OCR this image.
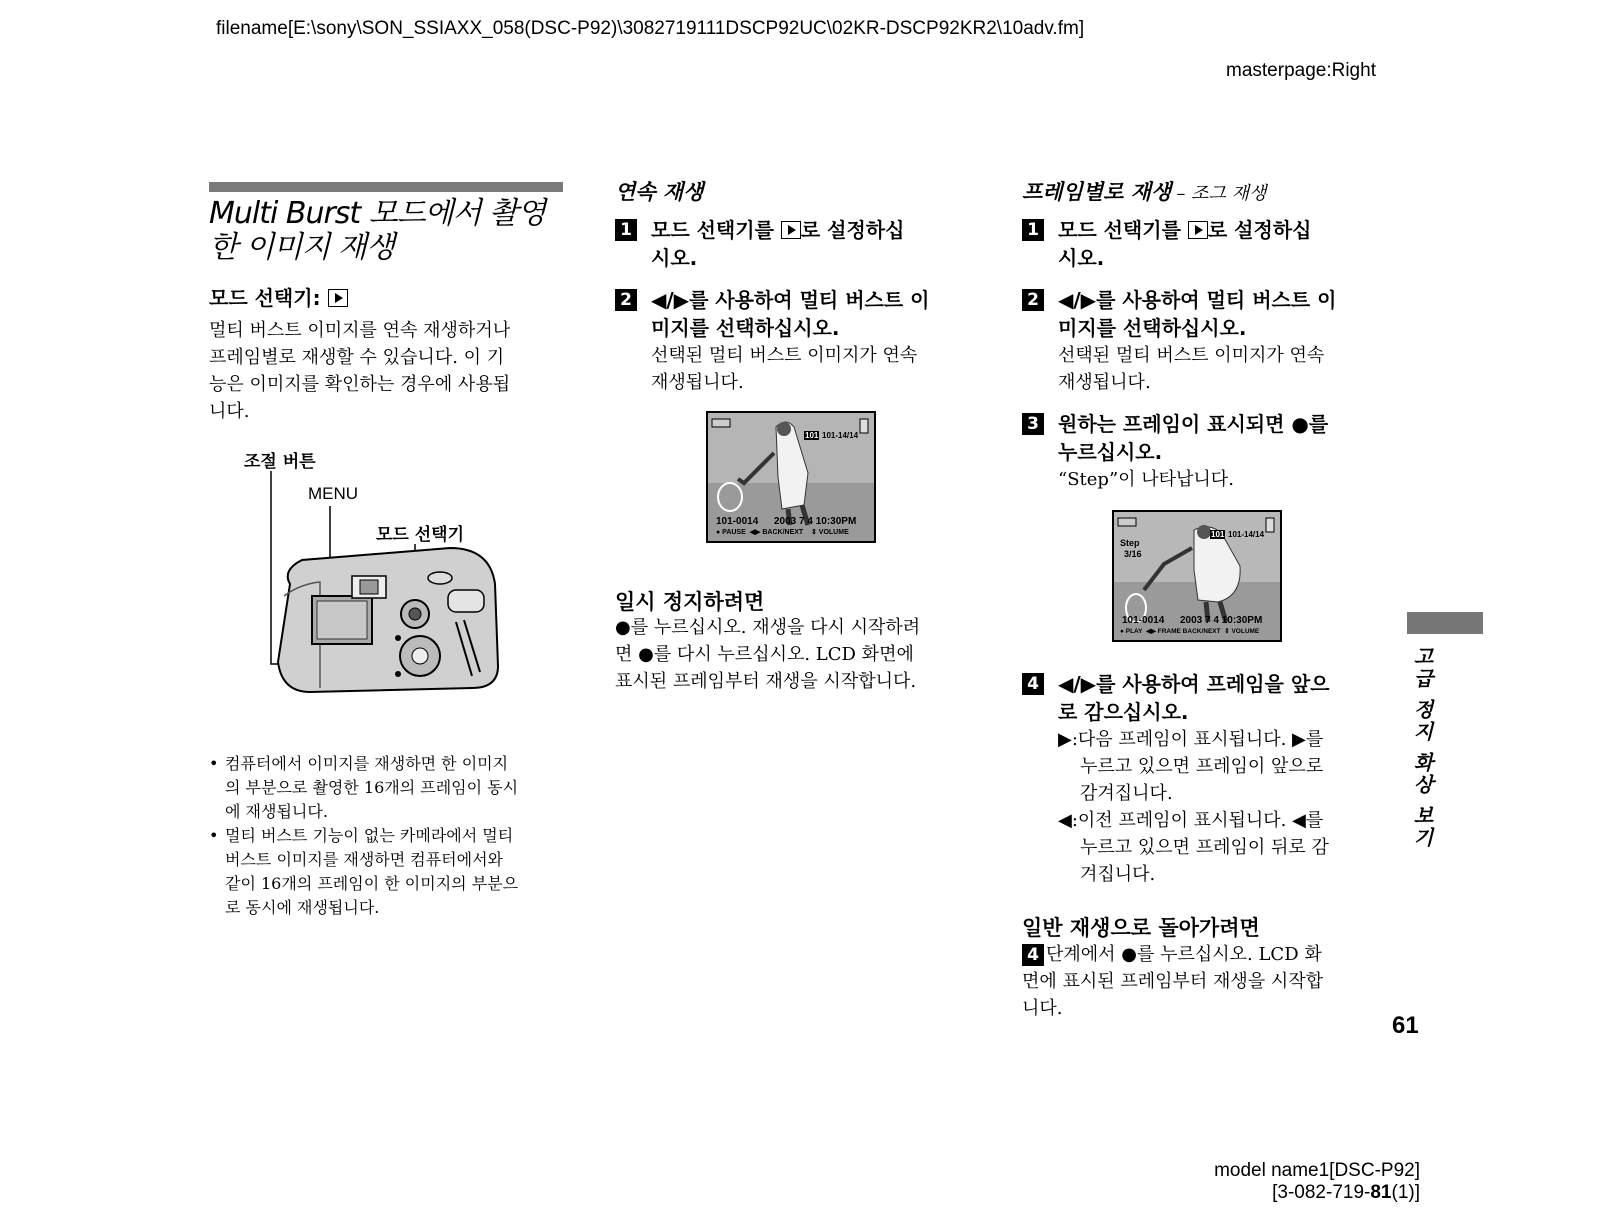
filename[E:\sony\SON_SSIAXX_058(DSC-P92)\3082719111DSCP92UC\02KR-DSCP92KR2\10adv.fm]
masterpage:Right
Multi Burst 모드에서 촬영
한 이미지 재생
모드 선택기:
멀티 버스트 이미지를 연속 재생하거나
프레임별로 재생할 수 있습니다. 이 기
능은 이미지를 확인하는 경우에 사용됩
니다.
조절 버튼
MENU
모드 선택기
• 컴퓨터에서 이미지를 재생하면 한 이미지
의 부분으로 촬영한 16개의 프레임이 동시
에 재생됩니다.
• 멀티 버스트 기능이 없는 카메라에서 멀티
버스트 이미지를 재생하면 컴퓨터에서와
같이 16개의 프레임이 한 이미지의 부분으
로 동시에 재생됩니다.
연속 재생
1 모드 선택기를 로 설정하십
시오.
2 ◀/▶를 사용하여 멀티 버스트 이
미지를 선택하십시오.
선택된 멀티 버스트 이미지가 연속
재생됩니다.
101 101-14/14
101-0014 2003 7 4 10:30PM
● PAUSE  ◀▶ BACK/NEXT    ⇕ VOLUME
일시 정지하려면
●를 누르십시오. 재생을 다시 시작하려
면 ●를 다시 누르십시오. LCD 화면에
표시된 프레임부터 재생을 시작합니다.
프레임별로 재생 – 조그 재생
1 모드 선택기를 로 설정하십
시오.
2 ◀/▶를 사용하여 멀티 버스트 이
미지를 선택하십시오.
선택된 멀티 버스트 이미지가 연속
재생됩니다.
3 원하는 프레임이 표시되면 ●를
누르십시오.
“Step”이 나타납니다.
Step
3/16
101 101-14/14
101-0014 2003 7 4 10:30PM
● PLAY  ◀▶ FRAME BACK/NEXT  ⇕ VOLUME
4 ◀/▶를 사용하여 프레임을 앞으
로 감으십시오.
▶:다음 프레임이 표시됩니다. ▶를
누르고 있으면 프레임이 앞으로
감겨집니다.
◀:이전 프레임이 표시됩니다. ◀를
누르고 있으면 프레임이 뒤로 감
겨집니다.
일반 재생으로 돌아가려면
4 단계에서 ●를 누르십시오. LCD 화
면에 표시된 프레임부터 재생을 시작합
니다.
고급 정지 화상 보기
61
model name1[DSC-P92]
[3-082-719-81(1)]
